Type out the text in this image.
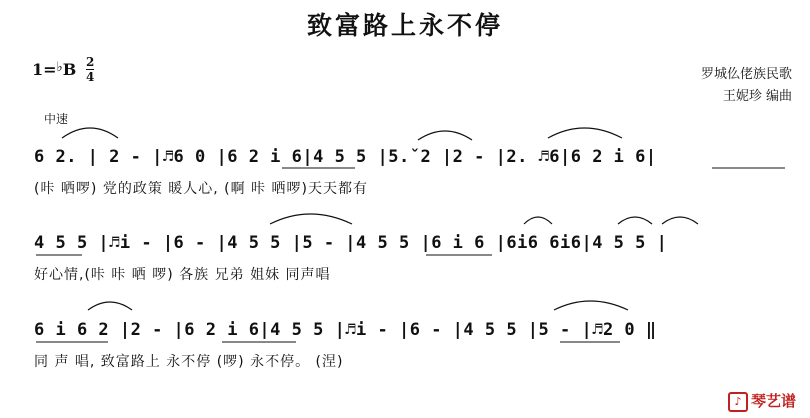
致富路上永不停
1=♭B 2
4
中速
罗城仫佬族民歌
王妮珍 编曲
6 2. | 2 - |♬6 0 |6 2 i 6|4 5 5 |5.ˇ2 |2 - |2. ♬6|6 2 i 6|
(咔 哂啰) 党的政策 暖人心, (啊 咔 哂啰)天天都有
4 5 5 |♬i - |6 - |4 5 5 |5 - |4 5 5 |6 i 6 |6i6 6i6|4 5 5 |
好心情,(咔 咔 哂 啰) 各族 兄弟 姐妹 同声唱
6 i 6 2 |2 - |6 2 i 6|4 5 5 |♬i - |6 - |4 5 5 |5 - |♬2 0 ‖
同 声 唱, 致富路上 永不停 (啰) 永不停。 (涅)
♪ 琴艺谱
